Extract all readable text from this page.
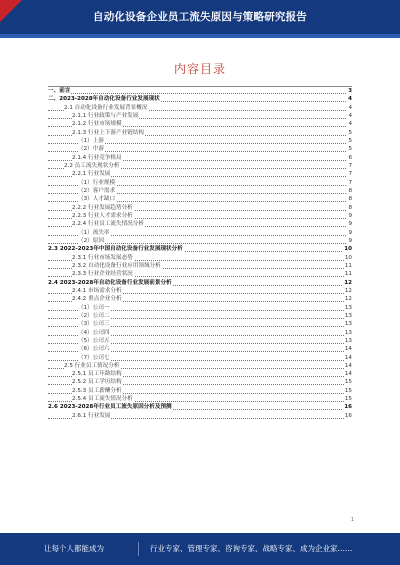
自动化设备企业员工流失原因与策略研究报告
内容目录
一、前言	3
二、2023-2028年自动化设备行业发展现状	4
2.1 自动化设备行业发展背景概况	4
2.1.1 行业政策与产业发展	4
2.1.2 行业市场规模	4
2.1.3 行业上下游产业链结构	5
（1）上游	5
（2）中游	5
2.1.4 行业竞争格局	6
2.2 员工流失现状分析	7
2.2.1 行业发展	7
（1）行业规模	7
（2）客户需求	8
（3）人才缺口	8
2.2.2 行业发展趋势分析	8
2.2.3 行业人才需求分析	9
2.2.4 行业员工流失情况分析	9
（1）流失率	9
（2）原因	9
2.3 2022-2023年中国自动化设备行业发展现状分析	10
2.3.1 行业市场发展态势	10
2.3.2 自动化设备行业应用领域分析	11
2.3.3 行业企业经营状况	11
2.4 2023-2028年自动化设备行业发展前景分析	12
2.4.1 市场需求分析	12
2.4.2 重点企业分析	12
（1）公司一	13
（2）公司二	13
（3）公司三	13
（4）公司四	13
（5）公司五	13
（6）公司六	14
（7）公司七	14
2.5 行业员工情况分析	14
2.5.1 员工年龄结构	14
2.5.2 员工学历结构	15
2.5.3 员工薪酬分析	15
2.5.4 员工流失情况分析	15
2.6 2023-2028年行业员工流失原因分析及预测	16
2.6.1 行业发展	16
1
让每个人都能成为	行业专家、管理专家、咨询专家、战略专家、成为企业家……
